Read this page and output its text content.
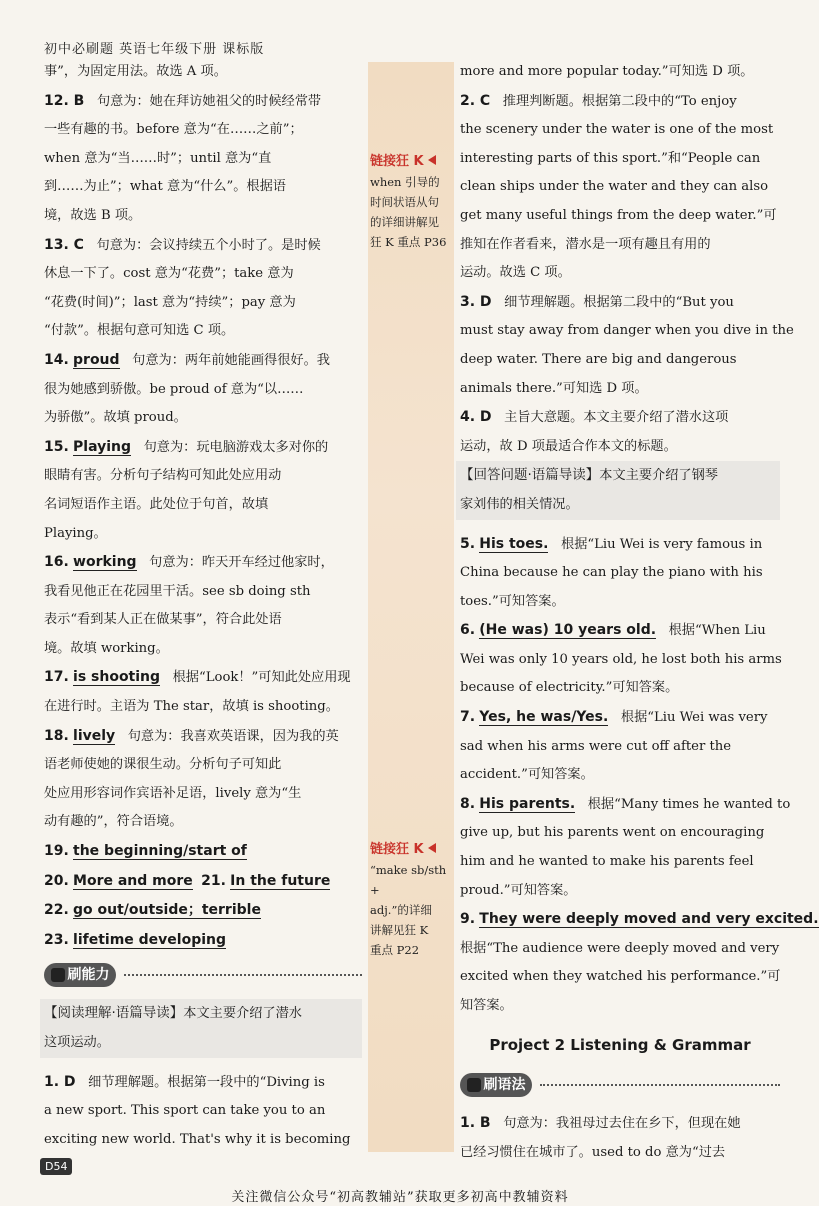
初中必刷题 英语七年级下册 课标版
链接狂 K
when 引导的
时间状语从句
的详细讲解见
狂 K 重点 P36
链接狂 K
“make sb/sth +
adj.”的详细
讲解见狂 K
重点 P22
事”，为固定用法。故选 A 项。
12. B 句意为：她在拜访她祖父的时候经常带
一些有趣的书。before 意为“在……之前”；
when 意为“当……时”；until 意为“直
到……为止”；what 意为“什么”。根据语
境，故选 B 项。
13. C 句意为：会议持续五个小时了。是时候
休息一下了。cost 意为“花费”；take 意为
“花费(时间)”；last 意为“持续”；pay 意为
“付款”。根据句意可知选 C 项。
14. proud 句意为：两年前她能画得很好。我
很为她感到骄傲。be proud of 意为“以……
为骄傲”。故填 proud。
15. Playing 句意为：玩电脑游戏太多对你的
眼睛有害。分析句子结构可知此处应用动
名词短语作主语。此处位于句首，故填
Playing。
16. working 句意为：昨天开车经过他家时，
我看见他正在花园里干活。see sb doing sth
表示“看到某人正在做某事”，符合此处语
境。故填 working。
17. is shooting 根据“Look！”可知此处应用现
在进行时。主语为 The star，故填 is shooting。
18. lively 句意为：我喜欢英语课，因为我的英
语老师使她的课很生动。分析句子可知此
处应用形容词作宾语补足语，lively 意为“生
动有趣的”，符合语境。
19. the beginning/start of
20. More and more 21. In the future
22. go out/outside；terrible
23. lifetime developing
刷能力
【阅读理解·语篇导读】本文主要介绍了潜水
这项运动。
1. D 细节理解题。根据第一段中的“Diving is
a new sport. This sport can take you to an
exciting new world. That's why it is becoming
more and more popular today.”可知选 D 项。
2. C 推理判断题。根据第二段中的“To enjoy
the scenery under the water is one of the most
interesting parts of this sport.”和“People can
clean ships under the water and they can also
get many useful things from the deep water.”可
推知在作者看来，潜水是一项有趣且有用的
运动。故选 C 项。
3. D 细节理解题。根据第二段中的“But you
must stay away from danger when you dive in the
deep water. There are big and dangerous
animals there.”可知选 D 项。
4. D 主旨大意题。本文主要介绍了潜水这项
运动，故 D 项最适合作本文的标题。
【回答问题·语篇导读】本文主要介绍了钢琴
家刘伟的相关情况。
5. His toes. 根据“Liu Wei is very famous in
China because he can play the piano with his
toes.”可知答案。
6. (He was) 10 years old. 根据“When Liu
Wei was only 10 years old, he lost both his arms
because of electricity.”可知答案。
7. Yes, he was/Yes. 根据“Liu Wei was very
sad when his arms were cut off after the
accident.”可知答案。
8. His parents. 根据“Many times he wanted to
give up, but his parents went on encouraging
him and he wanted to make his parents feel
proud.”可知答案。
9. They were deeply moved and very excited.
根据“The audience were deeply moved and very
excited when they watched his performance.”可
知答案。
Project 2 Listening & Grammar
刷语法
1. B 句意为：我祖母过去住在乡下，但现在她
已经习惯住在城市了。used to do 意为“过去
D54
关注微信公众号“初高教辅站”获取更多初高中教辅资料
